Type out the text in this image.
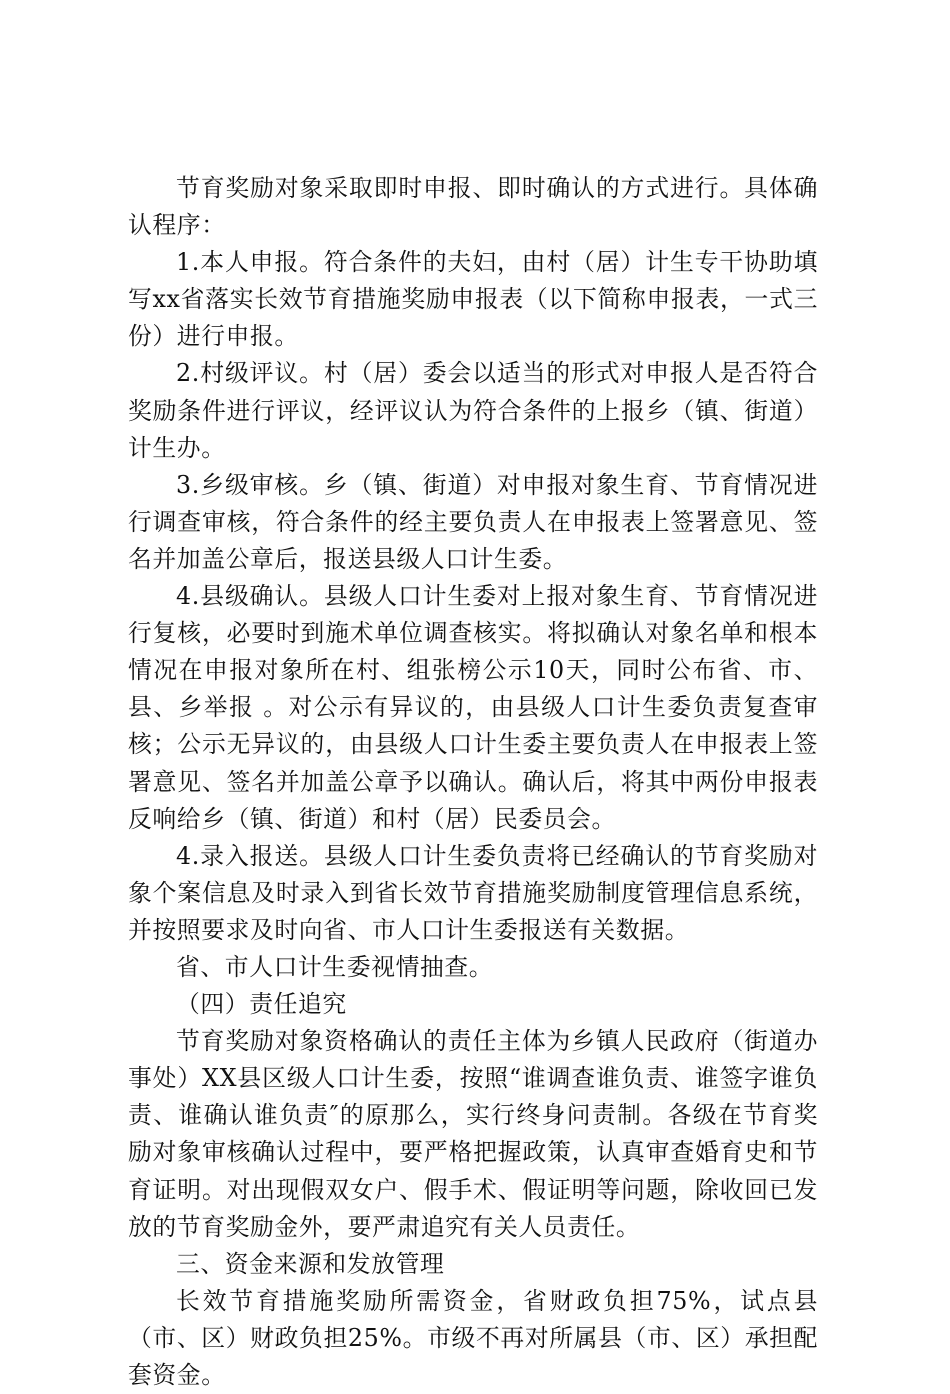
节育奖励对象采取即时申报、即时确认的方式进行。具体确认程序：

1.本人申报。符合条件的夫妇，由村（居）计生专干协助填写xx省落实长效节育措施奖励申报表（以下简称申报表，一式三份）进行申报。

2.村级评议。村（居）委会以适当的形式对申报人是否符合奖励条件进行评议，经评议认为符合条件的上报乡（镇、街道）计生办。

3.乡级审核。乡（镇、街道）对申报对象生育、节育情况进行调查审核，符合条件的经主要负责人在申报表上签署意见、签名并加盖公章后，报送县级人口计生委。

4.县级确认。县级人口计生委对上报对象生育、节育情况进行复核，必要时到施术单位调查核实。将拟确认对象名单和根本情况在申报对象所在村、组张榜公示10天，同时公布省、市、县、乡举报 。对公示有异议的，由县级人口计生委负责复查审核；公示无异议的，由县级人口计生委主要负责人在申报表上签署意见、签名并加盖公章予以确认。确认后，将其中两份申报表反响给乡（镇、街道）和村（居）民委员会。

4.录入报送。县级人口计生委负责将已经确认的节育奖励对象个案信息及时录入到省长效节育措施奖励制度管理信息系统，并按照要求及时向省、市人口计生委报送有关数据。

省、市人口计生委视情抽查。

（四）责任追究

节育奖励对象资格确认的责任主体为乡镇人民政府（街道办事处）XX县区级人口计生委，按照“谁调查谁负责、谁签字谁负责、谁确认谁负责″的原那么，实行终身问责制。各级在节育奖励对象审核确认过程中，要严格把握政策，认真审查婚育史和节育证明。对出现假双女户、假手术、假证明等问题，除收回已发放的节育奖励金外，要严肃追究有关人员责任。

三、资金来源和发放管理

长效节育措施奖励所需资金，省财政负担75%，试点县（市、区）财政负担25%。市级不再对所属县（市、区）承担配套资金。
